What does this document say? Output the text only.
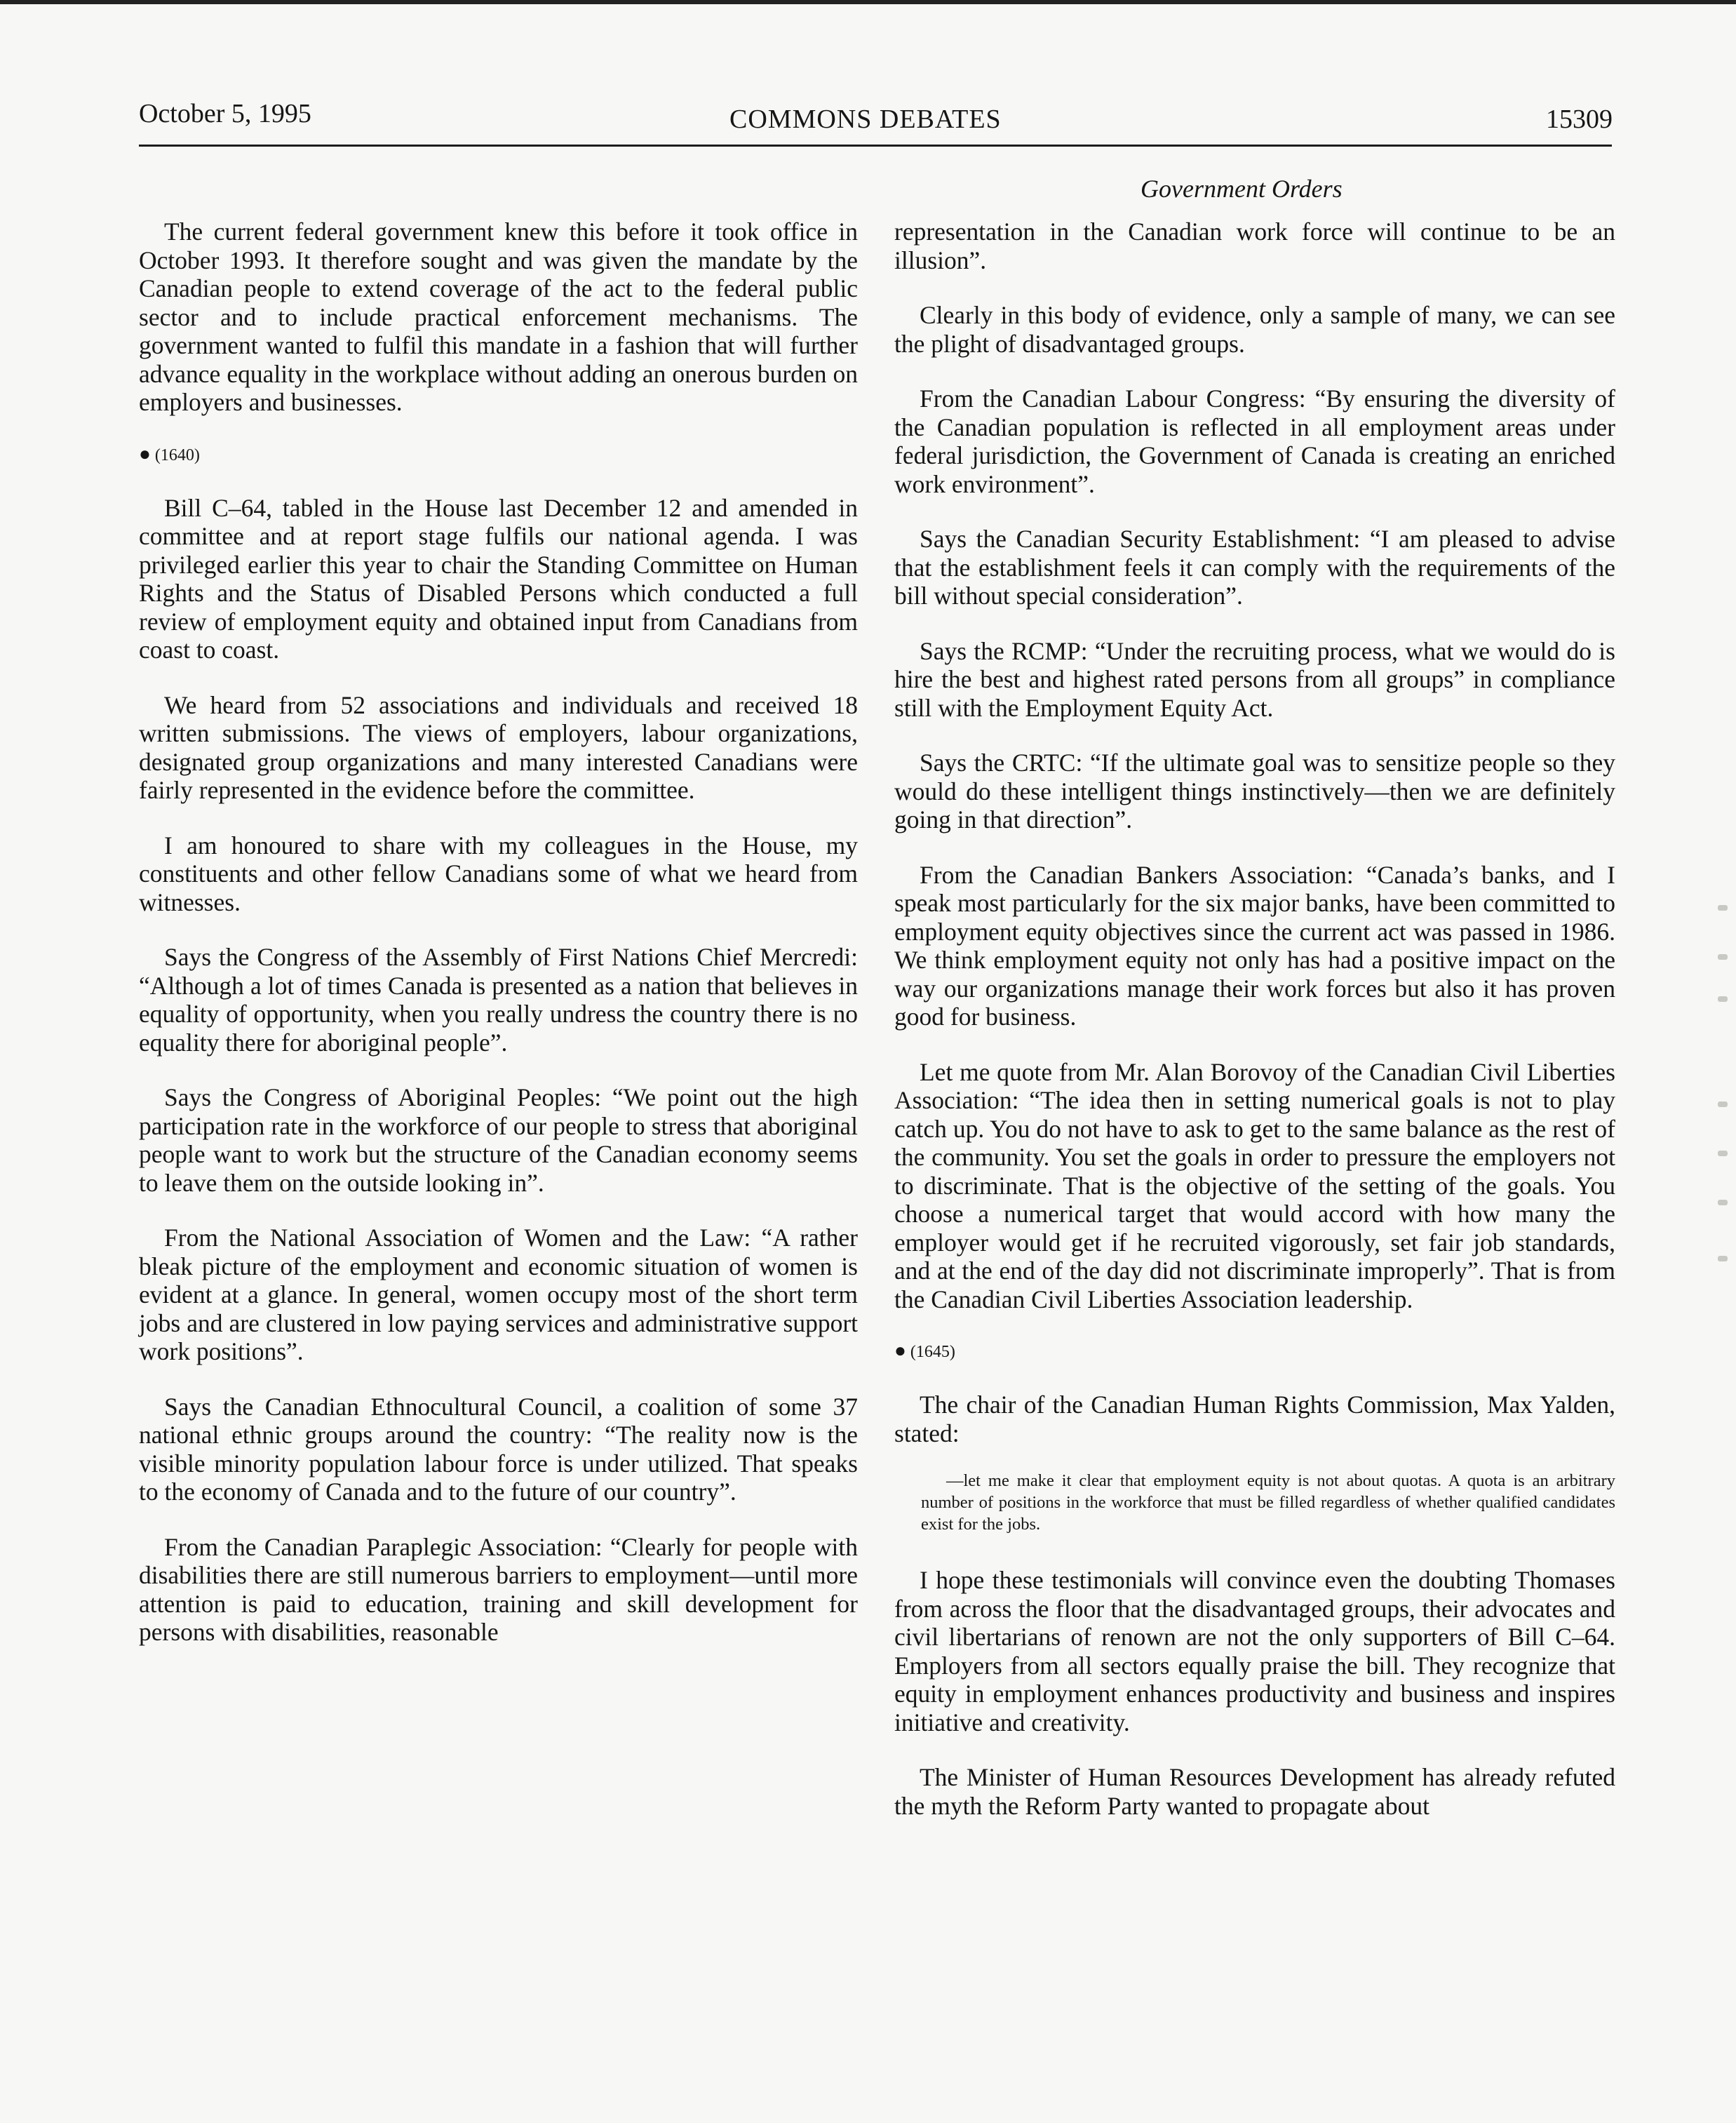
October 5, 1995	COMMONS DEBATES	15309
Government Orders

The current federal government knew this before it took office in October 1993. It therefore sought and was given the mandate by the Canadian people to extend coverage of the act to the federal public sector and to include practical enforcement mechanisms. The government wanted to fulfil this mandate in a fashion that will further advance equality in the workplace without adding an onerous burden on employers and businesses.

● (1640)

Bill C–64, tabled in the House last December 12 and amended in committee and at report stage fulfils our national agenda. I was privileged earlier this year to chair the Standing Committee on Human Rights and the Status of Disabled Persons which conducted a full review of employment equity and obtained input from Canadians from coast to coast.

We heard from 52 associations and individuals and received 18 written submissions. The views of employers, labour organizations, designated group organizations and many interested Canadians were fairly represented in the evidence before the committee.

I am honoured to share with my colleagues in the House, my constituents and other fellow Canadians some of what we heard from witnesses.

Says the Congress of the Assembly of First Nations Chief Mercredi: “Although a lot of times Canada is presented as a nation that believes in equality of opportunity, when you really undress the country there is no equality there for aboriginal people”.

Says the Congress of Aboriginal Peoples: “We point out the high participation rate in the workforce of our people to stress that aboriginal people want to work but the structure of the Canadian economy seems to leave them on the outside looking in”.

From the National Association of Women and the Law: “A rather bleak picture of the employment and economic situation of women is evident at a glance. In general, women occupy most of the short term jobs and are clustered in low paying services and administrative support work positions”.

Says the Canadian Ethnocultural Council, a coalition of some 37 national ethnic groups around the country: “The reality now is the visible minority population labour force is under utilized. That speaks to the economy of Canada and to the future of our country”.

From the Canadian Paraplegic Association: “Clearly for people with disabilities there are still numerous barriers to employment—until more attention is paid to education, training and skill development for persons with disabilities, reasonable

representation in the Canadian work force will continue to be an illusion”.

Clearly in this body of evidence, only a sample of many, we can see the plight of disadvantaged groups.

From the Canadian Labour Congress: “By ensuring the diversity of the Canadian population is reflected in all employment areas under federal jurisdiction, the Government of Canada is creating an enriched work environment”.

Says the Canadian Security Establishment: “I am pleased to advise that the establishment feels it can comply with the requirements of the bill without special consideration”.

Says the RCMP: “Under the recruiting process, what we would do is hire the best and highest rated persons from all groups” in compliance still with the Employment Equity Act.

Says the CRTC: “If the ultimate goal was to sensitize people so they would do these intelligent things instinctively—then we are definitely going in that direction”.

From the Canadian Bankers Association: “Canada’s banks, and I speak most particularly for the six major banks, have been committed to employment equity objectives since the current act was passed in 1986. We think employment equity not only has had a positive impact on the way our organizations manage their work forces but also it has proven good for business.

Let me quote from Mr. Alan Borovoy of the Canadian Civil Liberties Association: “The idea then in setting numerical goals is not to play catch up. You do not have to ask to get to the same balance as the rest of the community. You set the goals in order to pressure the employers not to discriminate. That is the objective of the setting of the goals. You choose a numerical target that would accord with how many the employer would get if he recruited vigorously, set fair job standards, and at the end of the day did not discriminate improperly”. That is from the Canadian Civil Liberties Association leadership.

● (1645)

The chair of the Canadian Human Rights Commission, Max Yalden, stated:

—let me make it clear that employment equity is not about quotas. A quota is an arbitrary number of positions in the workforce that must be filled regardless of whether qualified candidates exist for the jobs.

I hope these testimonials will convince even the doubting Thomases from across the floor that the disadvantaged groups, their advocates and civil libertarians of renown are not the only supporters of Bill C–64. Employers from all sectors equally praise the bill. They recognize that equity in employment enhances productivity and business and inspires initiative and creativity.

The Minister of Human Resources Development has already refuted the myth the Reform Party wanted to propagate about
